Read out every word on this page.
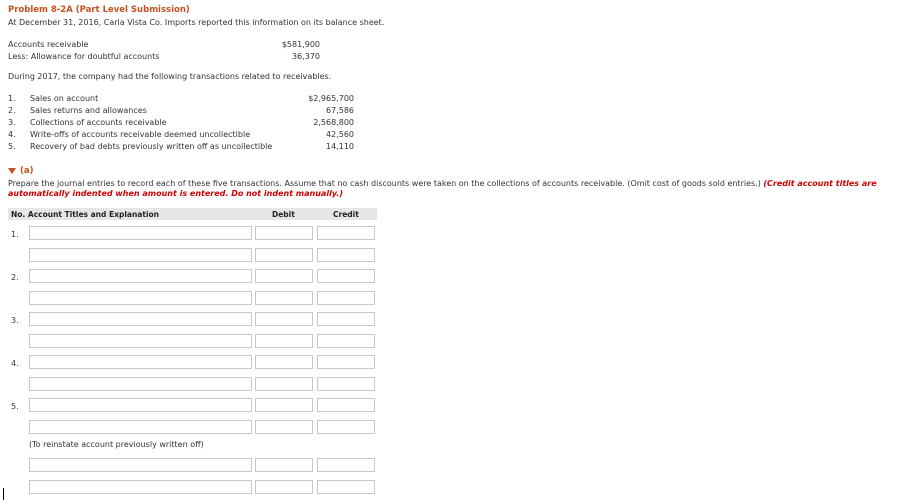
Problem 8-2A (Part Level Submission)
At December 31, 2016, Carla Vista Co. Imports reported this information on its balance sheet.
Accounts receivable	$581,900
Less: Allowance for doubtful accounts	36,370
During 2017, the company had the following transactions related to receivables.
1. Sales on account	$2,965,700
2. Sales returns and allowances	67,586
3. Collections of accounts receivable	2,568,800
4. Write-offs of accounts receivable deemed uncollectible	42,560
5. Recovery of bad debts previously written off as uncollectible	14,110
(a)
Prepare the journal entries to record each of these five transactions. Assume that no cash discounts were taken on the collections of accounts receivable. (Omit cost of goods sold entries.) (Credit account titles are
automatically indented when amount is entered. Do not indent manually.)
No. Account Titles and Explanation	Debit	Credit
1.
2.
3.
4.
5.
(To reinstate account previously written off)
